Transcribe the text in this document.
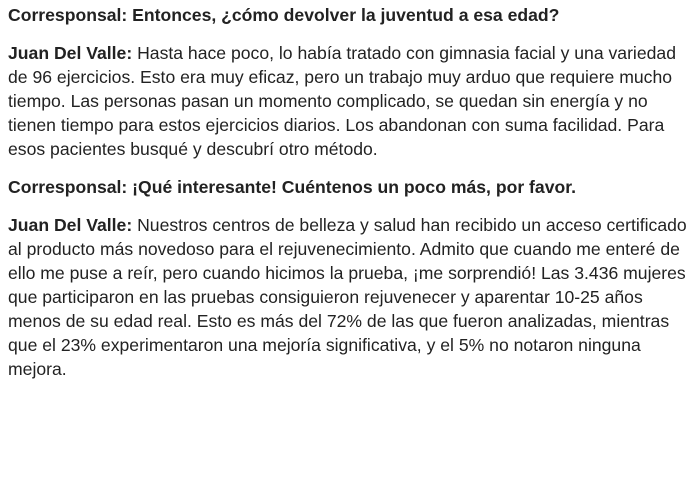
Corresponsal: Entonces, ¿cómo devolver la juventud a esa edad?

Juan Del Valle: Hasta hace poco, lo había tratado con gimnasia facial y una variedad de 96 ejercicios. Esto era muy eficaz, pero un trabajo muy arduo que requiere mucho tiempo. Las personas pasan un momento complicado, se quedan sin energía y no tienen tiempo para estos ejercicios diarios. Los abandonan con suma facilidad. Para esos pacientes busqué y descubrí otro método.

Corresponsal: ¡Qué interesante! Cuéntenos un poco más, por favor.

Juan Del Valle: Nuestros centros de belleza y salud han recibido un acceso certificado al producto más novedoso para el rejuvenecimiento. Admito que cuando me enteré de ello me puse a reír, pero cuando hicimos la prueba, ¡me sorprendió! Las 3.436 mujeres que participaron en las pruebas consiguieron rejuvenecer y aparentar 10-25 años menos de su edad real. Esto es más del 72% de las que fueron analizadas, mientras que el 23% experimentaron una mejoría significativa, y el 5% no notaron ninguna mejora.
